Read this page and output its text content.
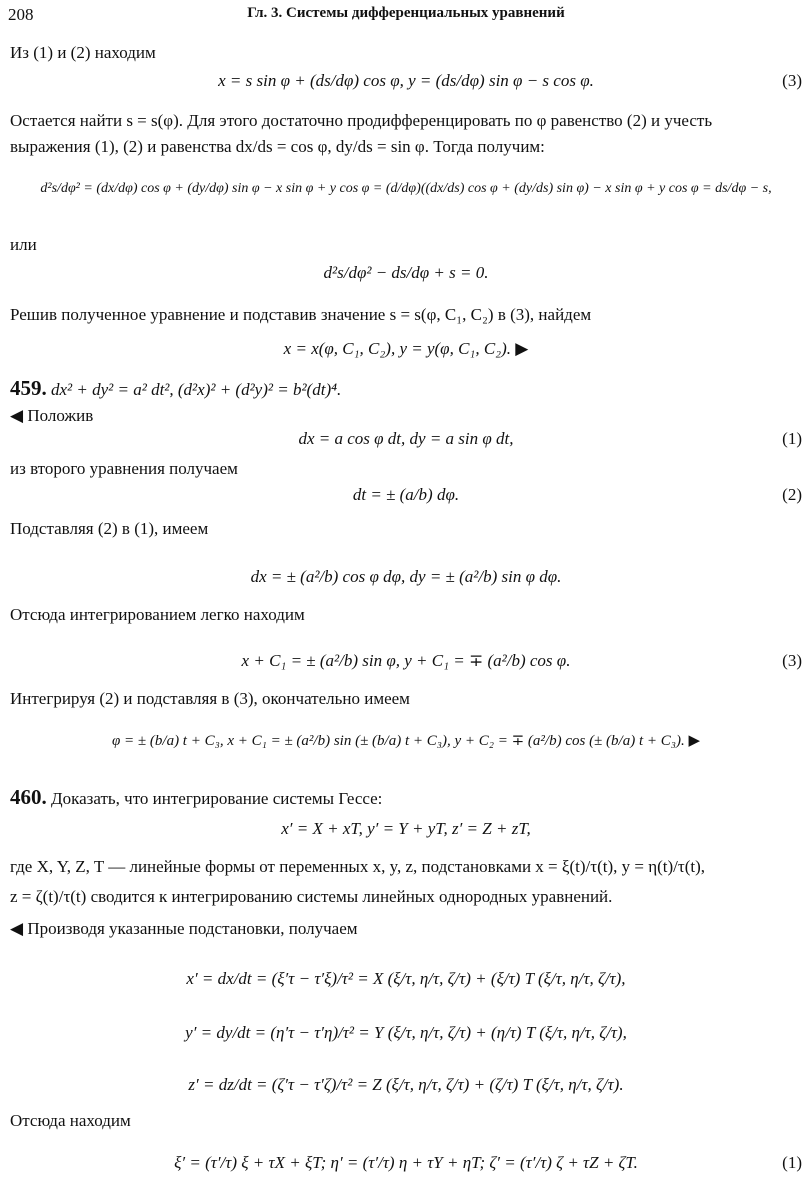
208	Гл. 3. Системы дифференциальных уравнений
Из (1) и (2) находим
x = s sin φ + (ds/dφ) cos φ, y = (ds/dφ) sin φ − s cos φ.	(3)
Остается найти s = s(φ). Для этого достаточно продифференцировать по φ равенство (2) и учесть
выражения (1), (2) и равенства dx/ds = cos φ, dy/ds = sin φ. Тогда получим:
d²s/dφ² = (dx/dφ) cos φ + (dy/dφ) sin φ − x sin φ + y cos φ = (d/dφ)((dx/ds) cos φ + (dy/ds) sin φ) − x sin φ + y cos φ = ds/dφ − s,
или
d²s/dφ² − ds/dφ + s = 0.
Решив полученное уравнение и подставив значение s = s(φ, C₁, C₂) в (3), найдем
x = x(φ, C₁, C₂), y = y(φ, C₁, C₂). ▶
459. dx² + dy² = a² dt², (d²x)² + (d²y)² = b²(dt)⁴.
◀ Положив
dx = a cos φ dt, dy = a sin φ dt,	(1)
из второго уравнения получаем
dt = ± (a/b) dφ.	(2)
Подставляя (2) в (1), имеем
dx = ± (a²/b) cos φ dφ, dy = ± (a²/b) sin φ dφ.
Отсюда интегрированием легко находим
x + C₁ = ± (a²/b) sin φ, y + C₁ = ∓ (a²/b) cos φ.	(3)
Интегрируя (2) и подставляя в (3), окончательно имеем
φ = ± (b/a) t + C₃, x + C₁ = ± (a²/b) sin (± (b/a) t + C₃), y + C₂ = ∓ (a²/b) cos (± (b/a) t + C₃). ▶
460. Доказать, что интегрирование системы Гессе:
x′ = X + xT, y′ = Y + yT, z′ = Z + zT,
где X, Y, Z, T — линейные формы от переменных x, y, z, подстановками x = ξ(t)/τ(t), y = η(t)/τ(t),
z = ζ(t)/τ(t) сводится к интегрированию системы линейных однородных уравнений.
◀ Производя указанные подстановки, получаем
x′ = dx/dt = (ξ′τ − τ′ξ)/τ² = X (ξ/τ, η/τ, ζ/τ) + (ξ/τ) T (ξ/τ, η/τ, ζ/τ),
y′ = dy/dt = (η′τ − τ′η)/τ² = Y (ξ/τ, η/τ, ζ/τ) + (η/τ) T (ξ/τ, η/τ, ζ/τ),
z′ = dz/dt = (ζ′τ − τ′ζ)/τ² = Z (ξ/τ, η/τ, ζ/τ) + (ζ/τ) T (ξ/τ, η/τ, ζ/τ).
Отсюда находим
ξ′ = (τ′/τ) ξ + τX + ξT; η′ = (τ′/τ) η + τY + ηT; ζ′ = (τ′/τ) ζ + τZ + ζT.	(1)
